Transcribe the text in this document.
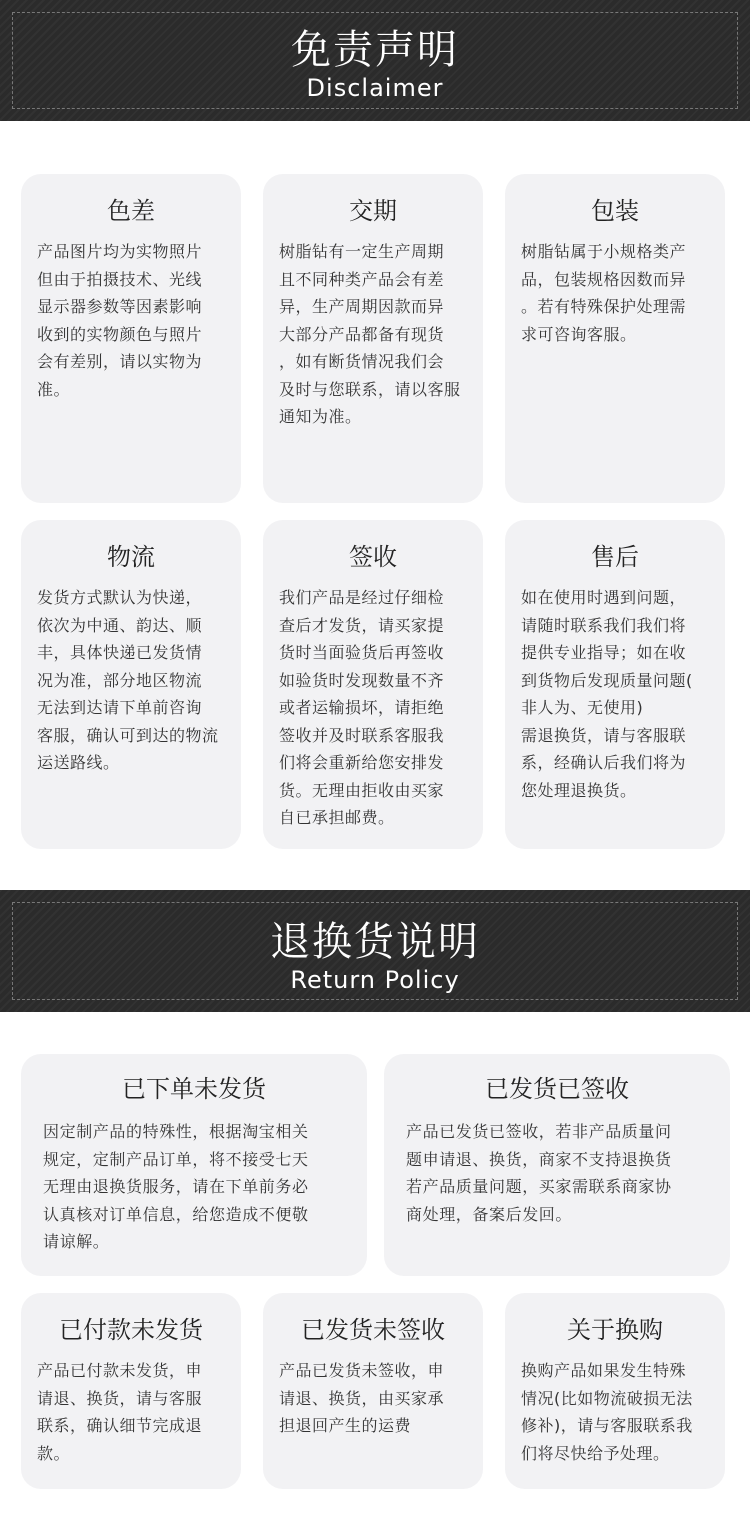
免责声明
Disclaimer
色差
产品图片均为实物照片
但由于拍摄技术、光线
显示器参数等因素影响
收到的实物颜色与照片
会有差别，请以实物为
准。
交期
树脂钻有一定生产周期
且不同种类产品会有差
异，生产周期因款而异
大部分产品都备有现货
，如有断货情况我们会
及时与您联系，请以客服
通知为准。
包装
树脂钻属于小规格类产
品，包装规格因数而异
。若有特殊保护处理需
求可咨询客服。
物流
发货方式默认为快递，
依次为中通、韵达、顺
丰，具体快递已发货情
况为准，部分地区物流
无法到达请下单前咨询
客服，确认可到达的物流
运送路线。
签收
我们产品是经过仔细检
查后才发货，请买家提
货时当面验货后再签收
如验货时发现数量不齐
或者运输损坏，请拒绝
签收并及时联系客服我
们将会重新给您安排发
货。无理由拒收由买家
自已承担邮费。
售后
如在使用时遇到问题，
请随时联系我们我们将
提供专业指导；如在收
到货物后发现质量问题(
非人为、无使用)
需退换货，请与客服联
系，经确认后我们将为
您处理退换货。
退换货说明
Return Policy
已下单未发货
因定制产品的特殊性，根据淘宝相关
规定，定制产品订单，将不接受七天
无理由退换货服务，请在下单前务必
认真核对订单信息，给您造成不便敬
请谅解。
已发货已签收
产品已发货已签收，若非产品质量问
题申请退、换货，商家不支持退换货
若产品质量问题，买家需联系商家协
商处理，备案后发回。
已付款未发货
产品已付款未发货，申
请退、换货，请与客服
联系，确认细节完成退
款。
已发货未签收
产品已发货未签收，申
请退、换货，由买家承
担退回产生的运费
关于换购
换购产品如果发生特殊
情况(比如物流破损无法
修补)，请与客服联系我
们将尽快给予处理。
